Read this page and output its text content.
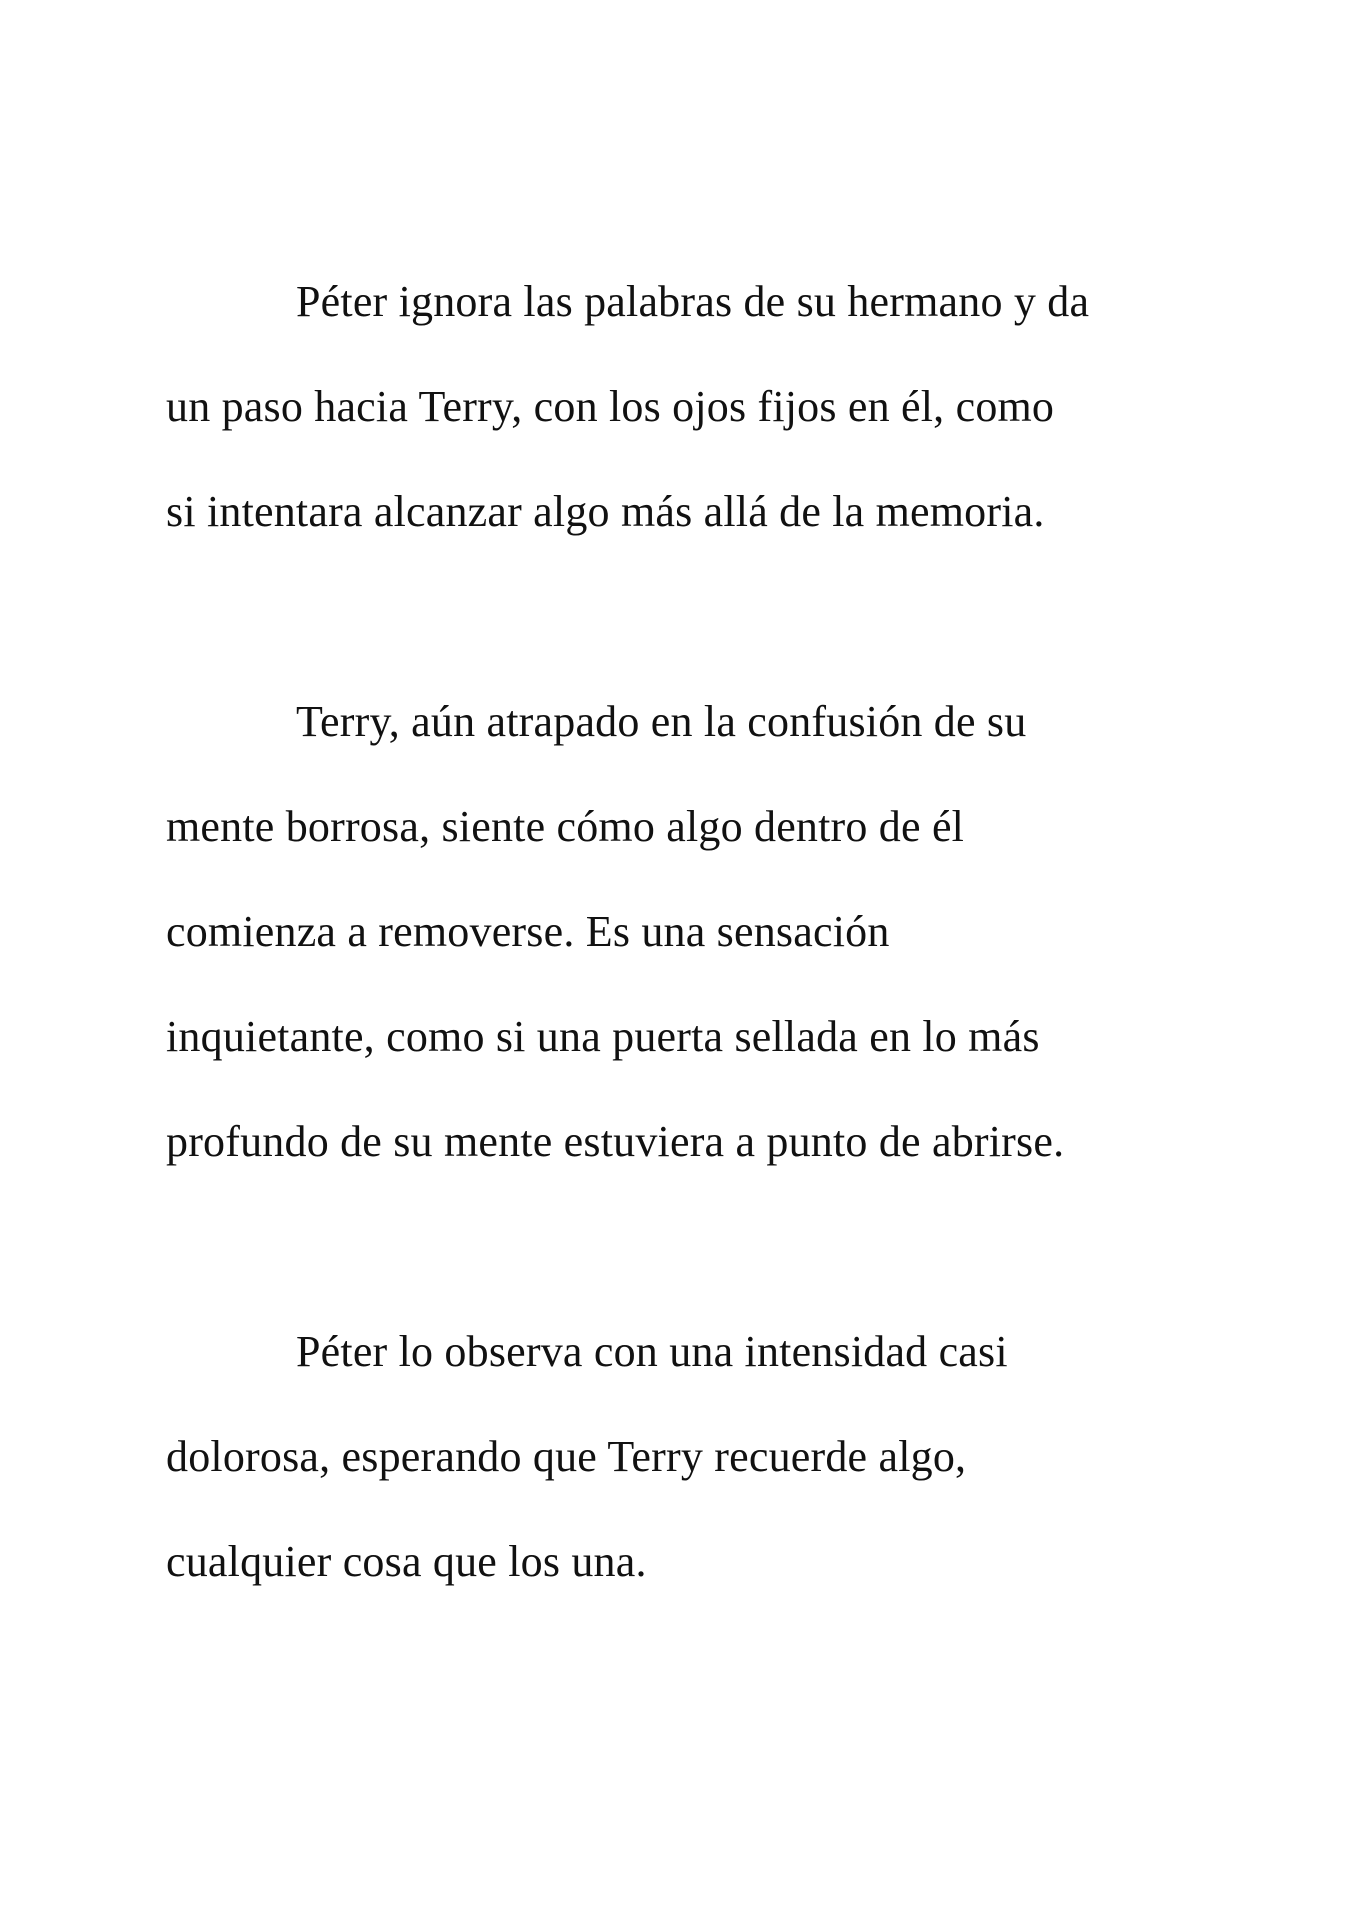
Péter ignora las palabras de su hermano y da

un paso hacia Terry, con los ojos fijos en él, como

si intentara alcanzar algo más allá de la memoria.

Terry, aún atrapado en la confusión de su

mente borrosa, siente cómo algo dentro de él

comienza a removerse. Es una sensación

inquietante, como si una puerta sellada en lo más

profundo de su mente estuviera a punto de abrirse.

Péter lo observa con una intensidad casi

dolorosa, esperando que Terry recuerde algo,

cualquier cosa que los una.
